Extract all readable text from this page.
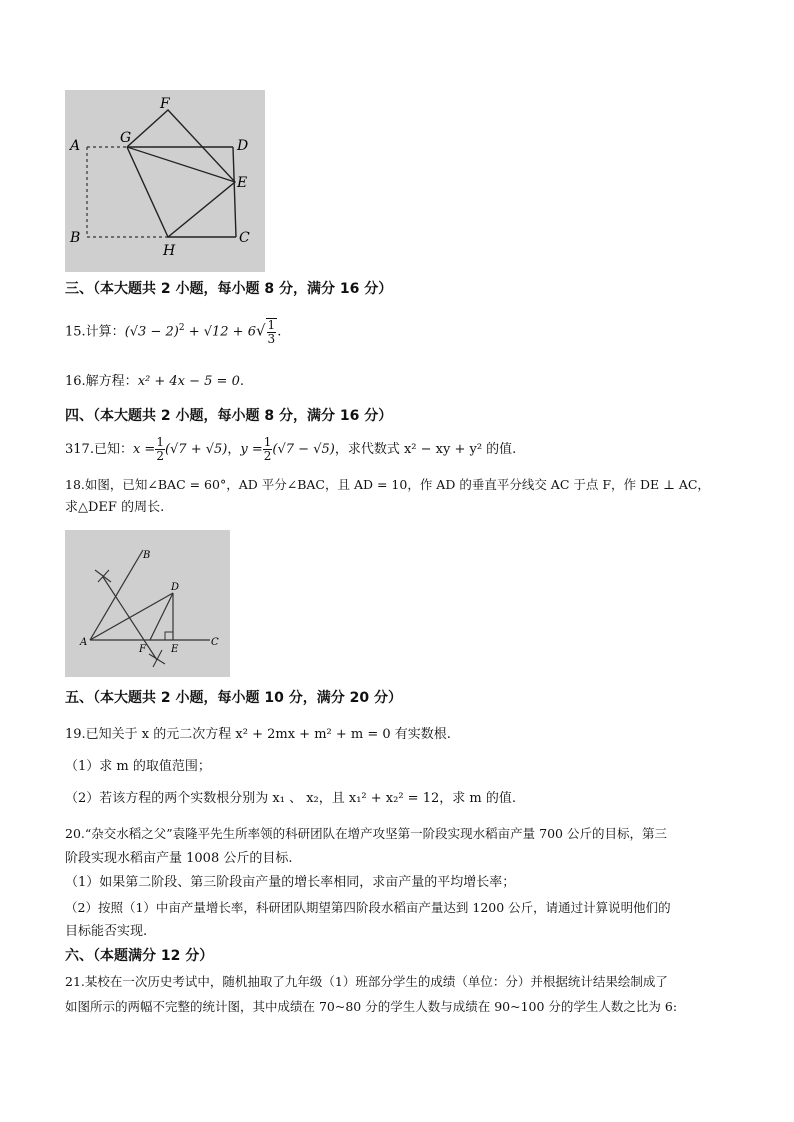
A
B	C
D
E
F
G
H
三、（本大题共 2 小题，每小题 8 分，满分 16 分）
15.计算：$(√3 - 2)^2 + √12 + 6√ \frac{1}{3}$ .
16.解方程：x² + 4x − 5 = 0.
四、（本大题共 2 小题，每小题 8 分，满分 16 分）
317.已知：$x = \frac{1}{2} (√7 + √5)$，$y = \frac{1}{2} (√7 - √5)$，求代数式 x² − xy + y² 的值.
18.如图，已知∠BAC = 60°，AD 平分∠BAC，且 AD = 10，作 AD 的垂直平分线交 AC 于点 F，作 DE ⊥ AC，
求△DEF 的周长.
A
B
C
D
E
F
五、（本大题共 2 小题，每小题 10 分，满分 20 分）
19.已知关于 x 的元二次方程 x² + 2mx + m² + m = 0 有实数根.
（1）求 m 的取值范围；
（2）若该方程的两个实数根分别为 x₁ 、 x₂，且 x₁² + x₂² = 12，求 m 的值.
20.“杂交水稻之父”袁隆平先生所率领的科研团队在增产攻坚第一阶段实现水稻亩产量 700 公斤的目标，第三
阶段实现水稻亩产量 1008 公斤的目标.
（1）如果第二阶段、第三阶段亩产量的增长率相同，求亩产量的平均增长率；
（2）按照（1）中亩产量增长率，科研团队期望第四阶段水稻亩产量达到 1200 公斤，请通过计算说明他们的
目标能否实现.
六、（本题满分 12 分）
21.某校在一次历史考试中，随机抽取了九年级（1）班部分学生的成绩（单位：分）并根据统计结果绘制成了
如图所示的两幅不完整的统计图，其中成绩在 70~80 分的学生人数与成绩在 90~100 分的学生人数之比为 6:
